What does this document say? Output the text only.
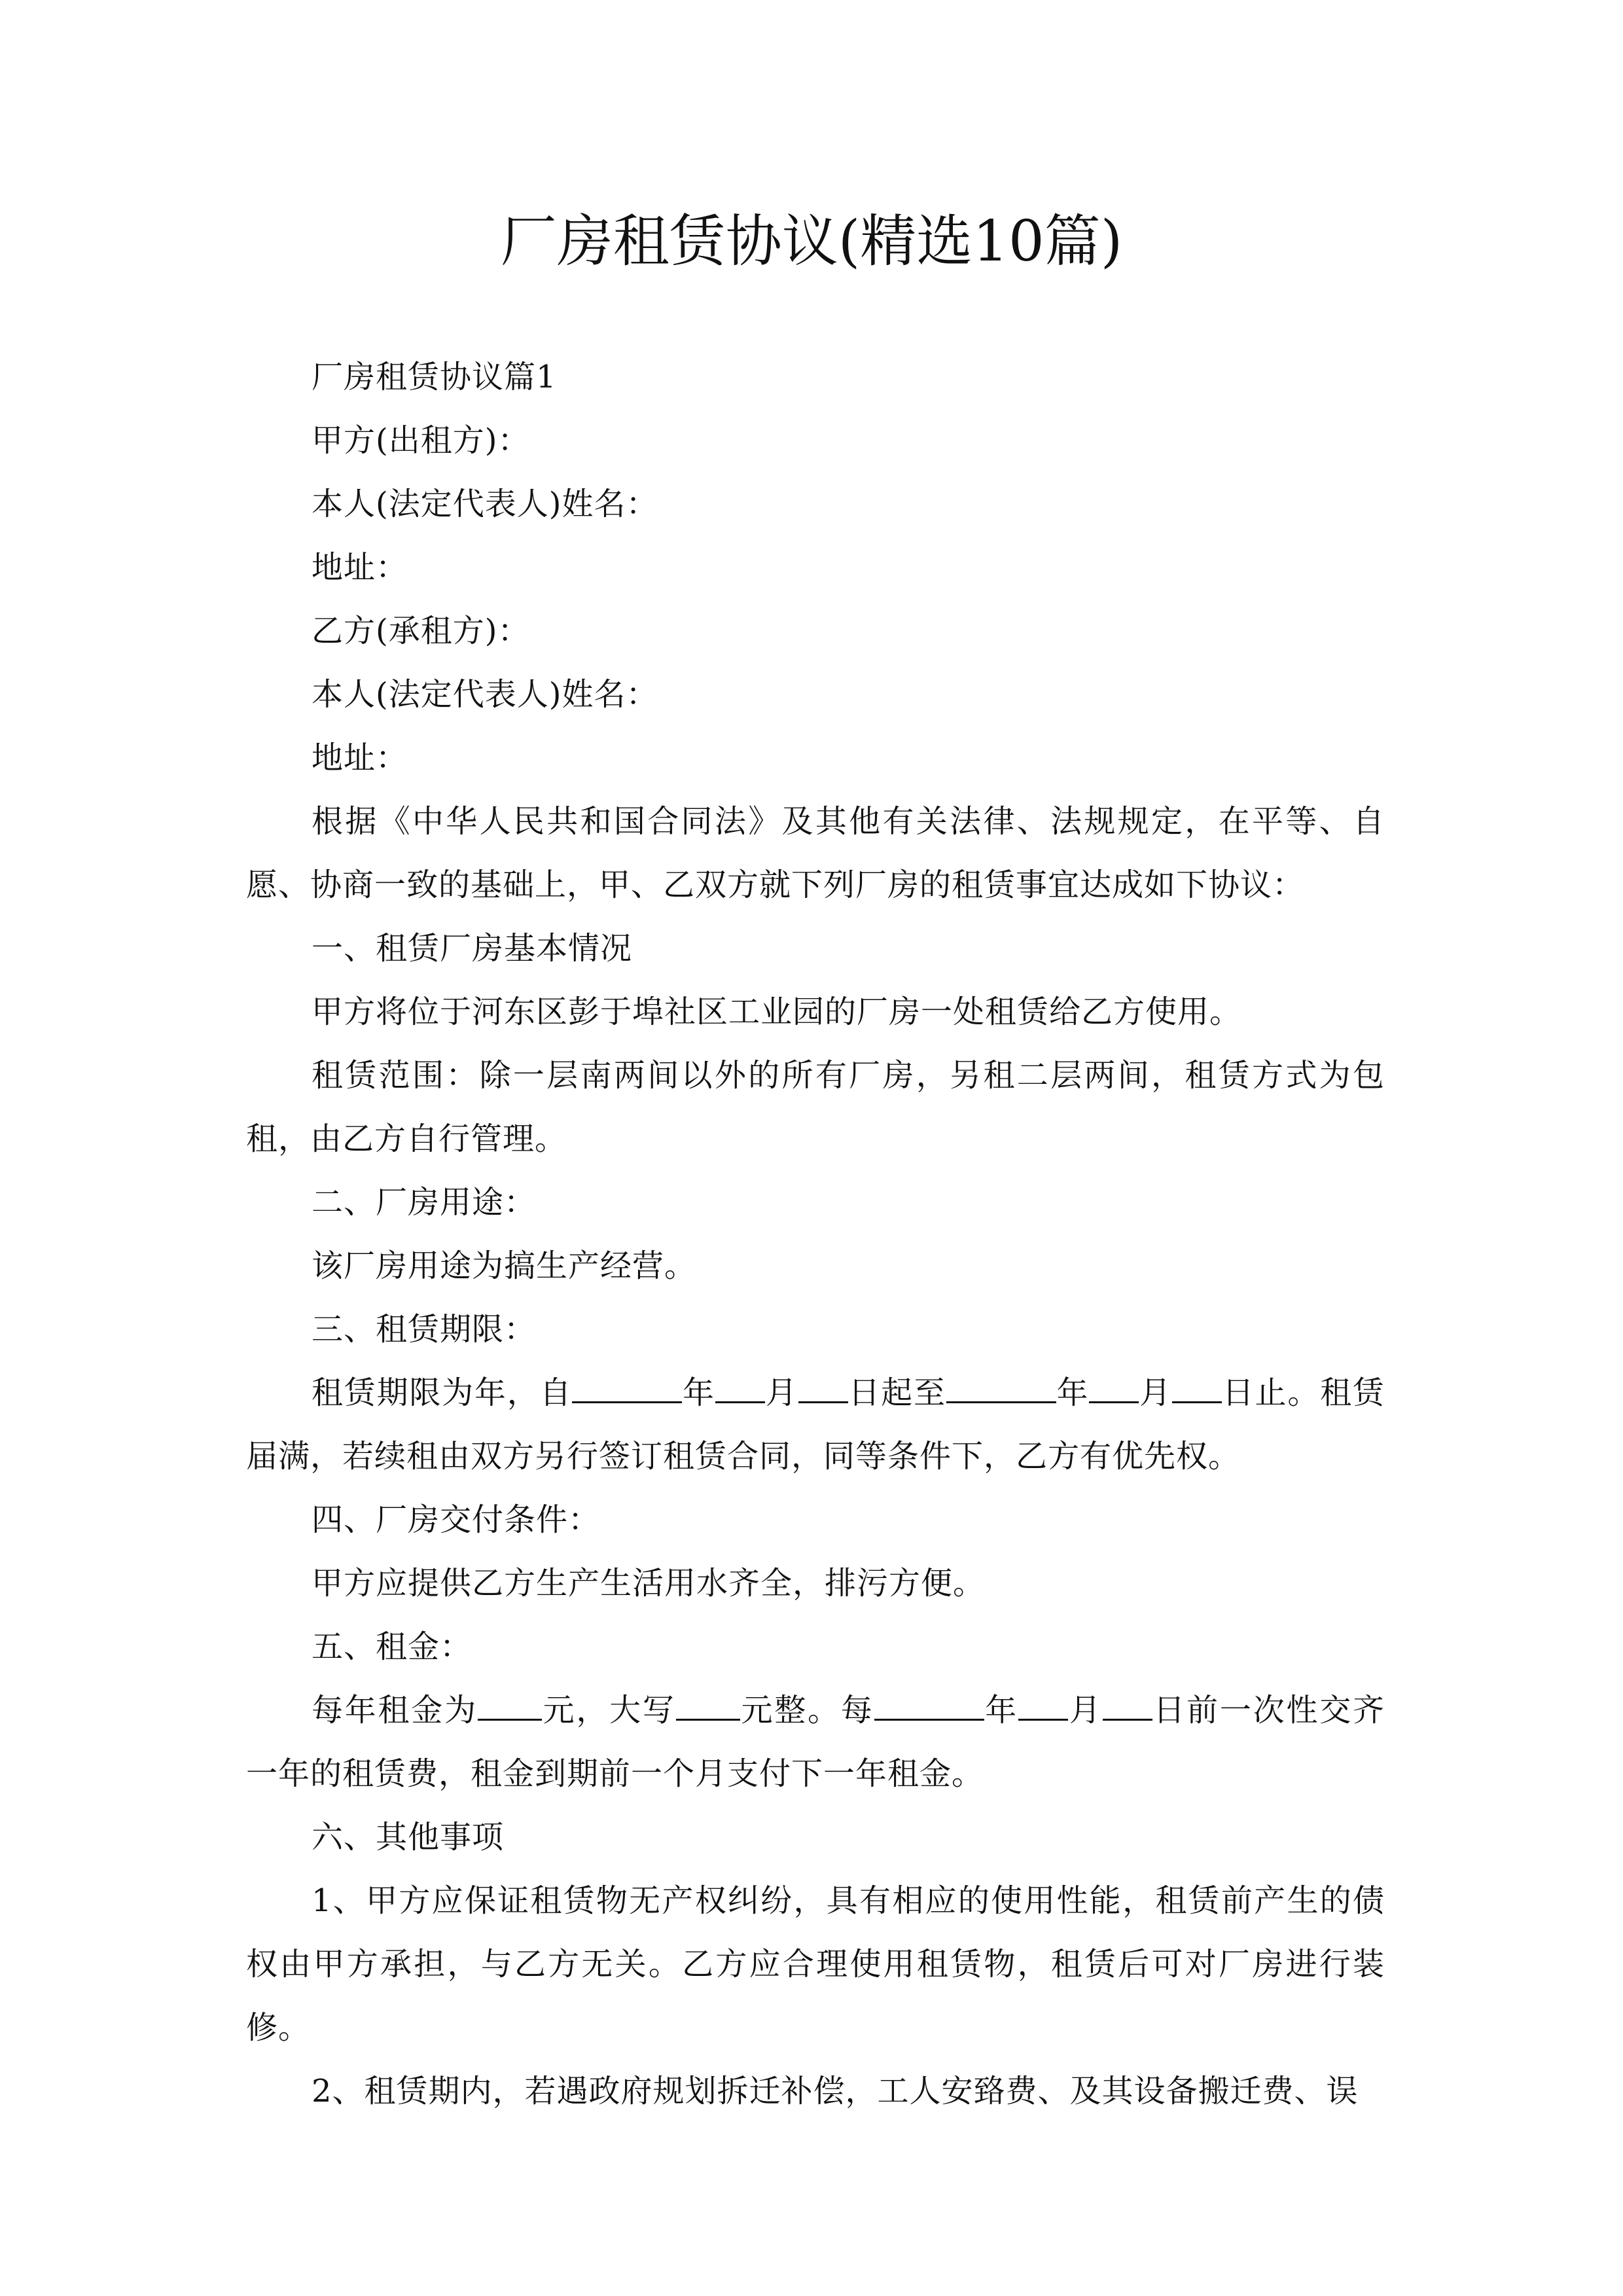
厂房租赁协议(精选10篇)

厂房租赁协议篇1

甲方(出租方)：

本人(法定代表人)姓名：

地址：

乙方(承租方)：

本人(法定代表人)姓名：

地址：

根据《中华人民共和国合同法》及其他有关法律、法规规定，在平等、自愿、协商一致的基础上，甲、乙双方就下列厂房的租赁事宜达成如下协议：

一、租赁厂房基本情况

甲方将位于河东区彭于埠社区工业园的厂房一处租赁给乙方使用。

租赁范围：除一层南两间以外的所有厂房，另租二层两间，租赁方式为包租，由乙方自行管理。

二、厂房用途：

该厂房用途为搞生产经营。

三、租赁期限：

租赁期限为年，自	年 月 日起至	年 月 日止。租赁届满，若续租由双方另行签订租赁合同，同等条件下，乙方有优先权。

四、厂房交付条件：

甲方应提供乙方生产生活用水齐全，排污方便。

五、租金：

每年租金为 元，大写 元整。每	年 月 日前一次性交齐一年的租赁费，租金到期前一个月支付下一年租金。

六、其他事项

1、甲方应保证租赁物无产权纠纷，具有相应的使用性能，租赁前产生的债权由甲方承担，与乙方无关。乙方应合理使用租赁物，租赁后可对厂房进行装修。

2、租赁期内，若遇政府规划拆迁补偿，工人安臵费、及其设备搬迁费、误
